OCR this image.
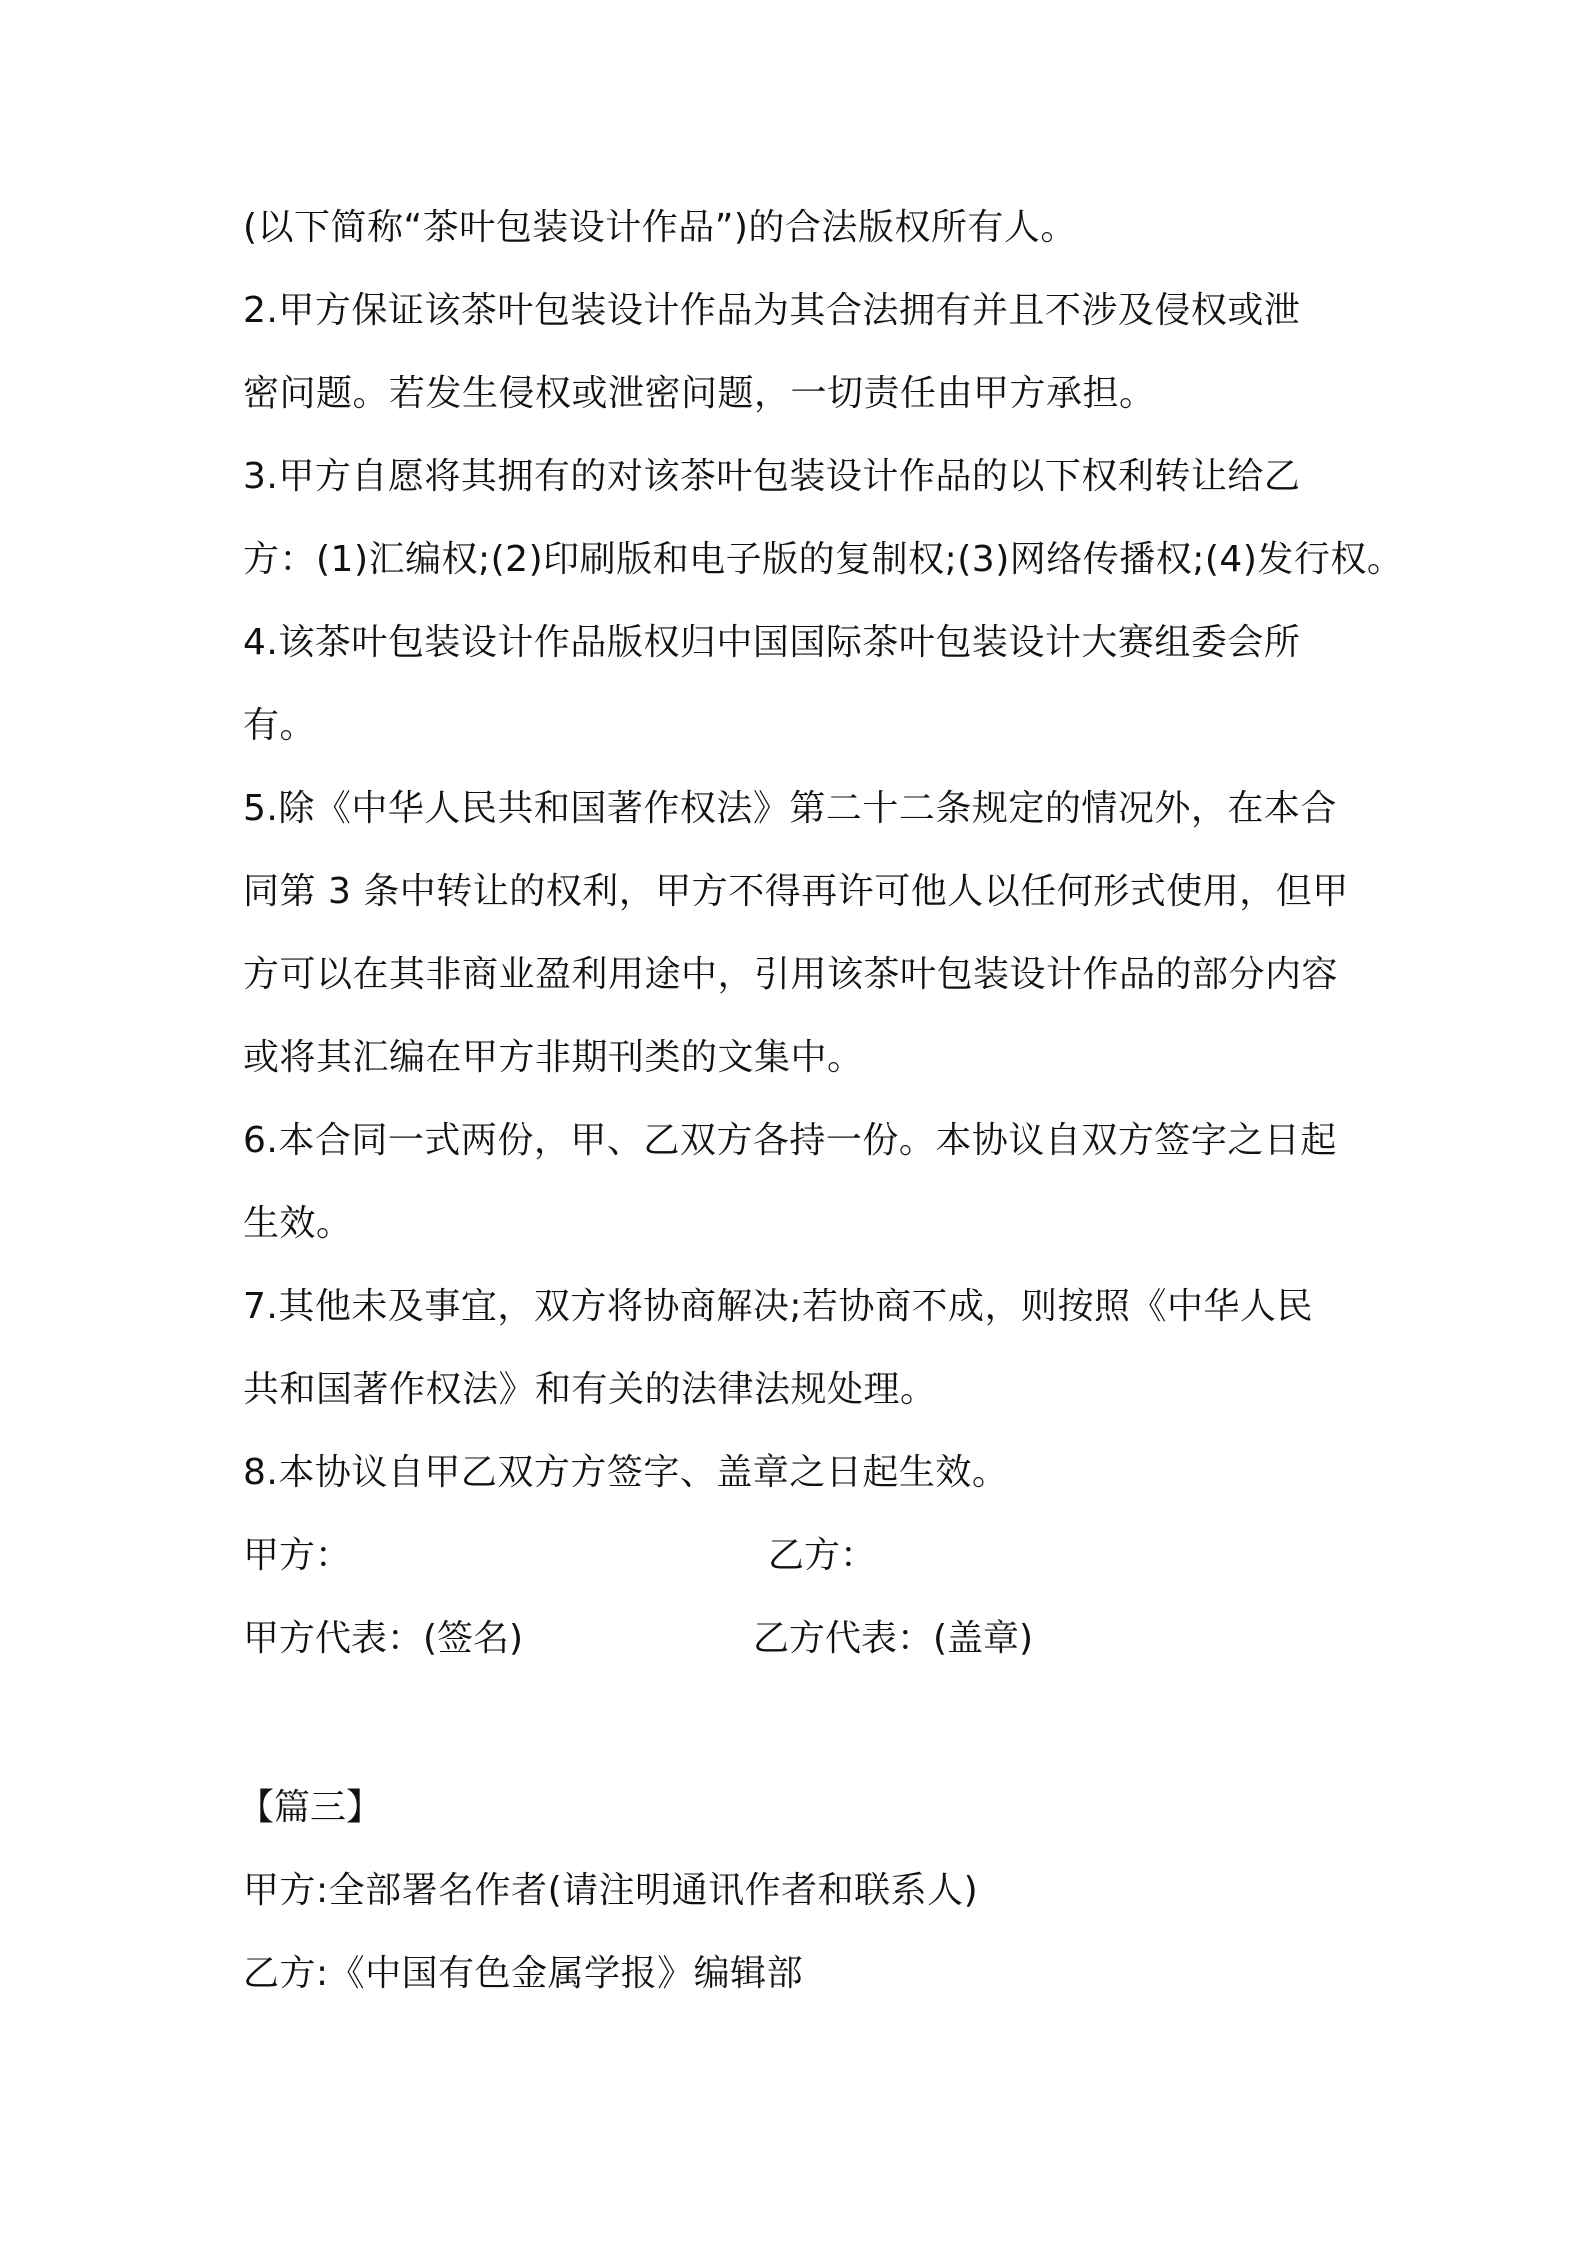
(以下简称“茶叶包装设计作品”)的合法版权所有人。
2.甲方保证该茶叶包装设计作品为其合法拥有并且不涉及侵权或泄
密问题。若发生侵权或泄密问题，一切责任由甲方承担。
3.甲方自愿将其拥有的对该茶叶包装设计作品的以下权利转让给乙
方：(1)汇编权;(2)印刷版和电子版的复制权;(3)网络传播权;(4)发行权。
4.该茶叶包装设计作品版权归中国国际茶叶包装设计大赛组委会所
有。
5.除《中华人民共和国著作权法》第二十二条规定的情况外，在本合
同第 3 条中转让的权利，甲方不得再许可他人以任何形式使用，但甲
方可以在其非商业盈利用途中，引用该茶叶包装设计作品的部分内容
或将其汇编在甲方非期刊类的文集中。
6.本合同一式两份，甲、乙双方各持一份。本协议自双方签字之日起
生效。
7.其他未及事宜，双方将协商解决;若协商不成，则按照《中华人民
共和国著作权法》和有关的法律法规处理。
8.本协议自甲乙双方方签字、盖章之日起生效。
甲方：	乙方：
甲方代表：(签名)	乙方代表：(盖章)
【篇三】
甲方:全部署名作者(请注明通讯作者和联系人)
乙方:《中国有色金属学报》编辑部
